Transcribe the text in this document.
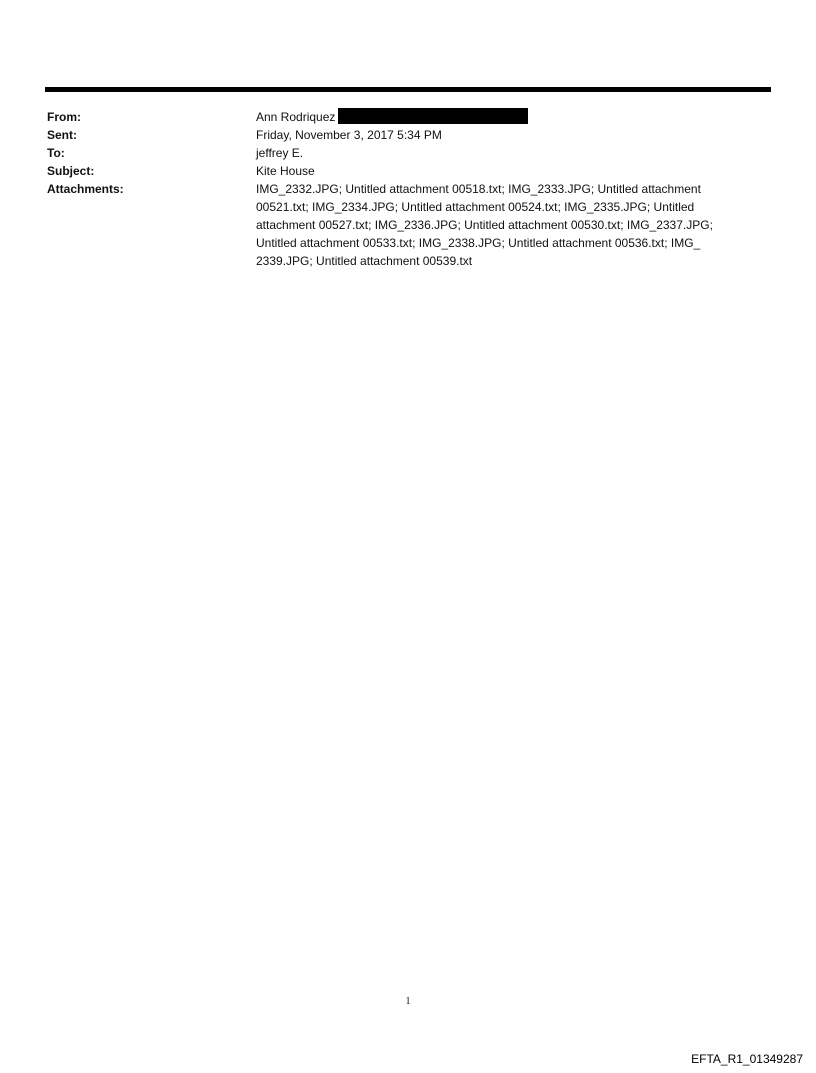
From:	Ann Rodriquez
Sent:	Friday, November 3, 2017 5:34 PM
To:	jeffrey E.
Subject:	Kite House
Attachments:	IMG_2332.JPG; Untitled attachment 00518.txt; IMG_2333.JPG; Untitled attachment 00521.txt; IMG_2334.JPG; Untitled attachment 00524.txt; IMG_2335.JPG; Untitled attachment 00527.txt; IMG_2336.JPG; Untitled attachment 00530.txt; IMG_2337.JPG; Untitled attachment 00533.txt; IMG_2338.JPG; Untitled attachment 00536.txt; IMG_ 2339.JPG; Untitled attachment 00539.txt
1
EFTA_R1_01349287
